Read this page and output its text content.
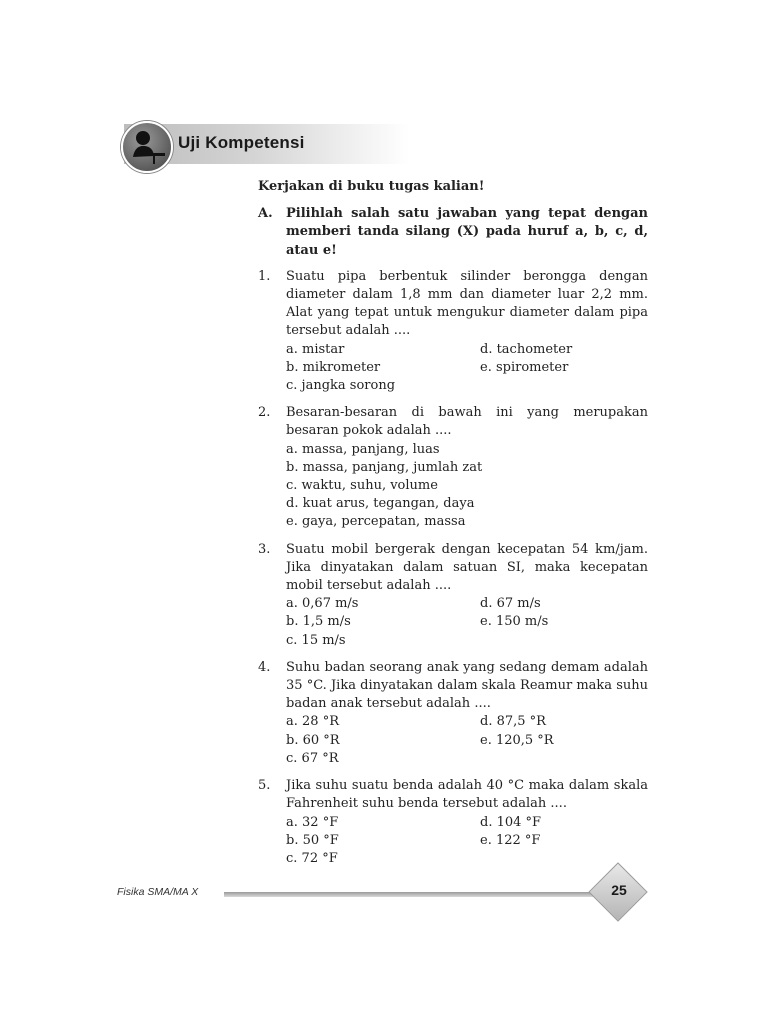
Uji Kompetensi
Kerjakan di buku tugas kalian!
A.	Pilihlah salah satu jawaban yang tepat dengan memberi tanda silang (X) pada huruf a, b, c, d, atau e!
1.	Suatu pipa berbentuk silinder berongga dengan diameter dalam 1,8 mm dan diameter luar 2,2 mm. Alat yang tepat untuk mengukur diameter dalam pipa tersebut adalah ....
a. mistar	d. tachometer
b. mikrometer	e. spirometer
c. jangka sorong
2.	Besaran-besaran di bawah ini yang merupakan besaran pokok adalah ....
a. massa, panjang, luas
b. massa, panjang, jumlah zat
c. waktu, suhu, volume
d. kuat arus, tegangan, daya
e. gaya, percepatan, massa
3.	Suatu mobil bergerak dengan kecepatan 54 km/jam. Jika dinyatakan dalam satuan SI, maka kecepatan mobil tersebut adalah ....
a. 0,67 m/s	d. 67 m/s
b. 1,5 m/s	e. 150 m/s
c. 15 m/s
4.	Suhu badan seorang anak yang sedang demam adalah 35 °C. Jika dinyatakan dalam skala Reamur maka suhu badan anak tersebut adalah ....
a. 28 °R	d. 87,5 °R
b. 60 °R	e. 120,5 °R
c. 67 °R
5.	Jika suhu suatu benda adalah 40 °C maka dalam skala Fahrenheit suhu benda tersebut adalah ....
a. 32 °F	d. 104 °F
b. 50 °F	e. 122 °F
c. 72 °F
Fisika SMA/MA X	25
